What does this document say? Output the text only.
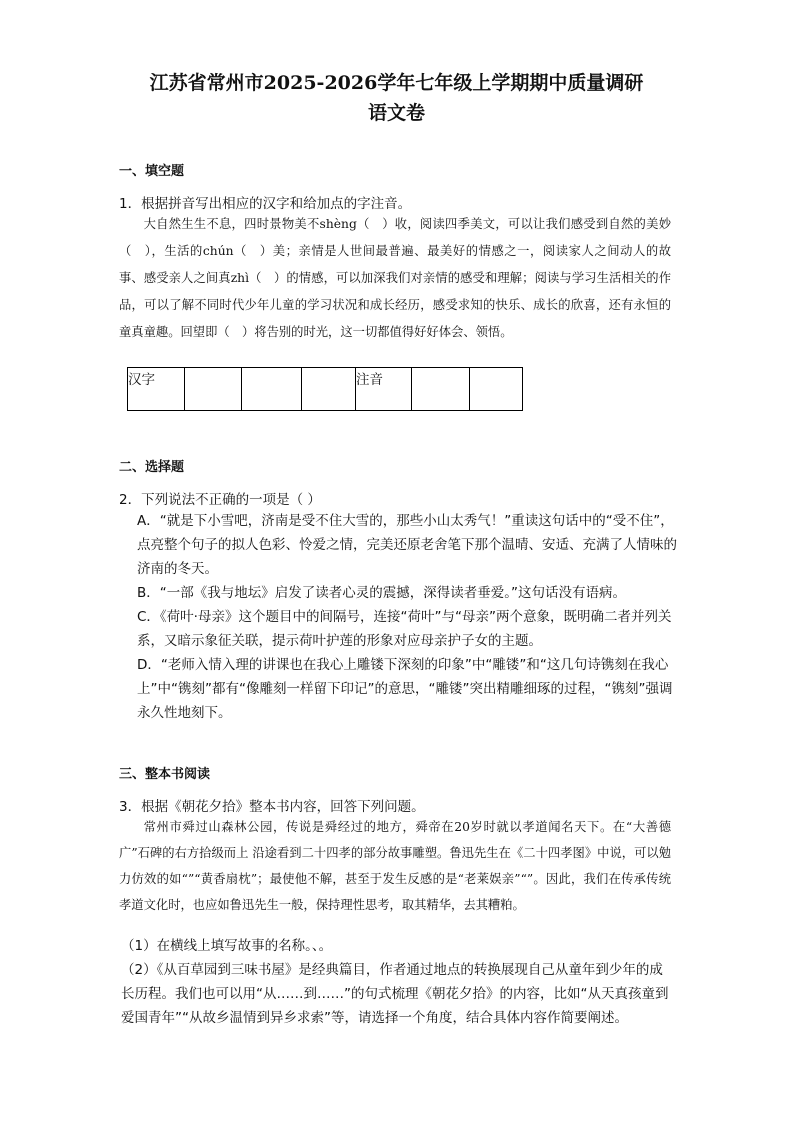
江苏省常州市2025-2026学年七年级上学期期中质量调研
语文卷
一、填空题
1．根据拼音写出相应的汉字和给加点的字注音。
大自然生生不息，四时景物美不shèng（　）收，阅读四季美文，可以让我们感受到自然的美妙（　），生活的chún（　）美；亲情是人世间最普遍、最美好的情感之一，阅读家人之间动人的故事、感受亲人之间真zhì（　）的情感，可以加深我们对亲情的感受和理解；阅读与学习生活相关的作品，可以了解不同时代少年儿童的学习状况和成长经历，感受求知的快乐、成长的欣喜，还有永恒的童真童趣。回望即（　）将告别的时光，这一切都值得好好体会、领悟。
汉字				注音		
二、选择题
2．下列说法不正确的一项是（ ）
A．“就是下小雪吧，济南是受不住大雪的，那些小山太秀气！”重读这句话中的“受不住”，点亮整个句子的拟人色彩、怜爱之情，完美还原老舍笔下那个温晴、安适、充满了人情味的济南的冬天。
B．“一部《我与地坛》启发了读者心灵的震撼，深得读者垂爱。”这句话没有语病。
C．《荷叶·母亲》这个题目中的间隔号，连接“荷叶”与“母亲”两个意象，既明确二者并列关系，又暗示象征关联，提示荷叶护莲的形象对应母亲护子女的主题。
D．“老师入情入理的讲课也在我心上雕镂下深刻的印象”中“雕镂”和“这几句诗镌刻在我心上”中“镌刻”都有“像雕刻一样留下印记”的意思，“雕镂”突出精雕细琢的过程，“镌刻”强调永久性地刻下。
三、整本书阅读
3．根据《朝花夕拾》整本书内容，回答下列问题。
常州市舜过山森林公园，传说是舜经过的地方，舜帝在20岁时就以孝道闻名天下。在“大善德广”石碑的右方拾级而上 沿途看到二十四孝的部分故事雕塑。鲁迅先生在《二十四孝图》中说，可以勉力仿效的如“”“黄香扇枕”；最使他不解，甚至于发生反感的是“老莱娱亲”“”。因此，我们在传承传统孝道文化时，也应如鲁迅先生一般，保持理性思考，取其精华，去其糟粕。
（1）在横线上填写故事的名称。、。
（2）《从百草园到三味书屋》是经典篇目，作者通过地点的转换展现自己从童年到少年的成长历程。我们也可以用“从……到……”的句式梳理《朝花夕拾》的内容，比如“从天真孩童到爱国青年”“从故乡温情到异乡求索”等，请选择一个角度，结合具体内容作简要阐述。
